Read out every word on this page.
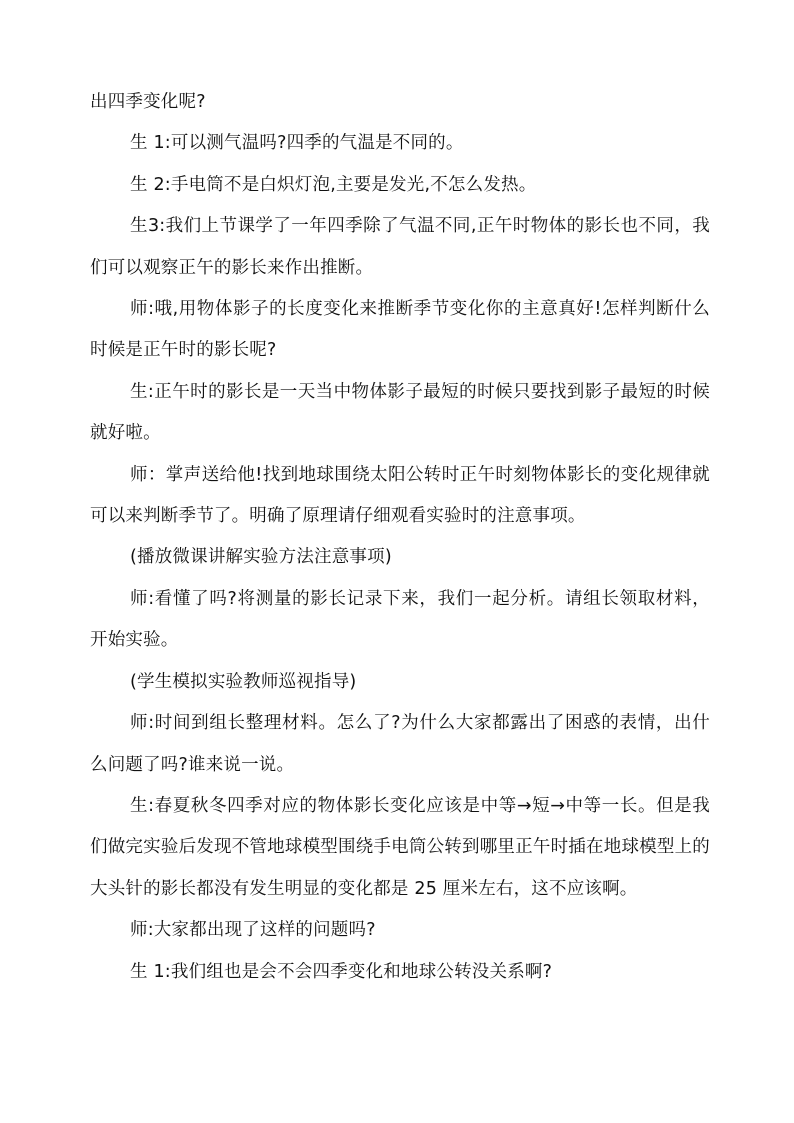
出四季变化呢?

生 1:可以测气温吗?四季的气温是不同的。

生 2:手电筒不是白炽灯泡,主要是发光,不怎么发热。

生3:我们上节课学了一年四季除了气温不同,正午时物体的影长也不同，我们可以观察正午的影长来作出推断。

师:哦,用物体影子的长度变化来推断季节变化你的主意真好!怎样判断什么时候是正午时的影长呢?

生:正午时的影长是一天当中物体影子最短的时候只要找到影子最短的时候就好啦。

师：掌声送给他!找到地球围绕太阳公转时正午时刻物体影长的变化规律就可以来判断季节了。明确了原理请仔细观看实验时的注意事项。

(播放微课讲解实验方法注意事项)

师:看懂了吗?将测量的影长记录下来，我们一起分析。请组长领取材料，开始实验。

(学生模拟实验教师巡视指导)

师:时间到组长整理材料。怎么了?为什么大家都露出了困惑的表情，出什么问题了吗?谁来说一说。

生:春夏秋冬四季对应的物体影长变化应该是中等→短→中等一长。但是我们做完实验后发现不管地球模型围绕手电筒公转到哪里正午时插在地球模型上的大头针的影长都没有发生明显的变化都是 25 厘米左右，这不应该啊。

师:大家都出现了这样的问题吗?

生 1:我们组也是会不会四季变化和地球公转没关系啊?
